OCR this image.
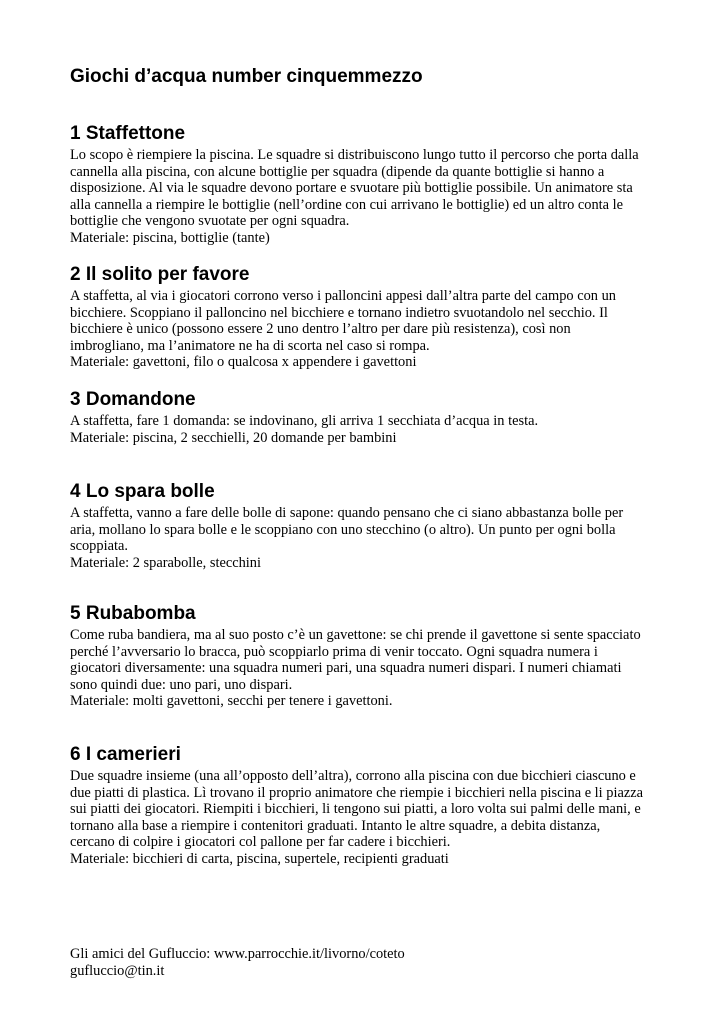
Giochi d’acqua number cinquemmezzo
1 Staffettone

Lo scopo è riempiere la piscina. Le squadre si distribuiscono lungo tutto il percorso che porta dalla
cannella alla piscina, con alcune bottiglie per squadra (dipende da quante bottiglie si hanno a
disposizione. Al via le squadre devono portare e svuotare più bottiglie possibile. Un animatore sta
alla cannella a riempire le bottiglie (nell’ordine con cui arrivano le bottiglie) ed un altro conta le
bottiglie che vengono svuotate per ogni squadra.
Materiale: piscina, bottiglie (tante)

2 Il solito per favore

A staffetta, al via i giocatori corrono verso i palloncini appesi dall’altra parte del campo con un
bicchiere. Scoppiano il palloncino nel bicchiere e tornano indietro svuotandolo nel secchio. Il
bicchiere è unico (possono essere 2 uno dentro l’altro per dare più resistenza), così non
imbrogliano, ma l’animatore ne ha di scorta nel caso si rompa.
Materiale: gavettoni, filo o qualcosa x appendere i gavettoni

3 Domandone

A staffetta, fare 1 domanda: se indovinano, gli arriva 1 secchiata d’acqua in testa.
Materiale: piscina, 2 secchielli, 20 domande per bambini

4 Lo spara bolle

A staffetta, vanno a fare delle bolle di sapone: quando pensano che ci siano abbastanza bolle per
aria, mollano lo spara bolle e le scoppiano con uno stecchino (o altro). Un punto per ogni bolla
scoppiata.
Materiale: 2 sparabolle, stecchini

5 Rubabomba

Come ruba bandiera, ma al suo posto c’è un gavettone: se chi prende il gavettone si sente spacciato
perché l’avversario lo bracca, può scoppiarlo prima di venir toccato. Ogni squadra numera i
giocatori diversamente: una squadra numeri pari, una squadra numeri dispari. I numeri chiamati
sono quindi due: uno pari, uno dispari.
Materiale: molti gavettoni, secchi per tenere i gavettoni.

6 I camerieri

Due squadre insieme (una all’opposto dell’altra), corrono alla piscina con due bicchieri ciascuno e
due piatti di plastica. Lì trovano il proprio animatore che riempie i bicchieri nella piscina e li piazza
sui piatti dei giocatori. Riempiti i bicchieri, li tengono sui piatti, a loro volta sui palmi delle mani, e
tornano alla base a riempire i contenitori graduati. Intanto le altre squadre, a debita distanza,
cercano di colpire i giocatori col pallone per far cadere i bicchieri.
Materiale: bicchieri di carta, piscina, supertele, recipienti graduati

Gli amici del Gufluccio: www.parrocchie.it/livorno/coteto
gufluccio@tin.it
